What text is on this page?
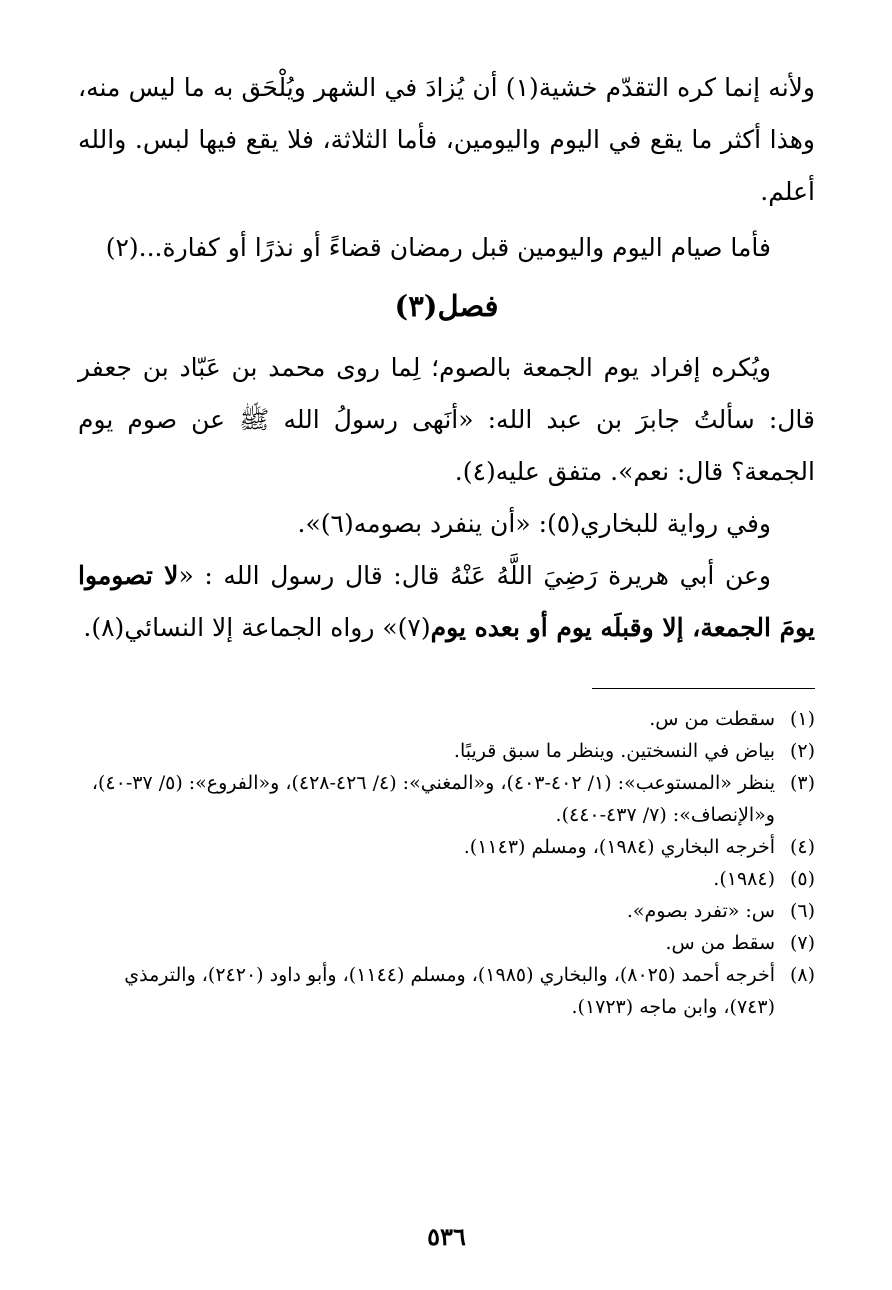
ولأنه إنما كره التقدّم خشية(١) أن يُزادَ في الشهر ويُلْحَق به ما ليس منه، وهذا أكثر ما يقع في اليوم واليومين، فأما الثلاثة، فلا يقع فيها لبس. والله أعلم.

فأما صيام اليوم واليومين قبل رمضان قضاءً أو نذرًا أو كفارة...(٢)

فصل(٣)

ويُكره إفراد يوم الجمعة بالصوم؛ لِما روى محمد بن عَبّاد بن جعفر قال: سألتُ جابرَ بن عبد الله: «أنَهى رسولُ الله ﷺ عن صوم يوم الجمعة؟ قال: نعم». متفق عليه(٤).

وفي رواية للبخاري(٥): «أن ينفرد بصومه(٦)».

وعن أبي هريرة رَضِيَ اللَّهُ عَنْهُ قال: قال رسول الله : «لا تصوموا يومَ الجمعة، إلا وقبلَه يوم أو بعده يوم(٧)» رواه الجماعة إلا النسائي(٨).

(١)
سقطت من س.
(٢)
بياض في النسختين. وينظر ما سبق قريبًا.
(٣)
ينظر «المستوعب»: (١/ ٤٠٢-٤٠٣)، و«المغني»: (٤/ ٤٢٦-٤٢٨)، و«الفروع»: (٥/ ٣٧-٤٠)، و«الإنصاف»: (٧/ ٤٣٧-٤٤٠).
(٤)
أخرجه البخاري (١٩٨٤)، ومسلم (١١٤٣).
(٥)
(١٩٨٤).
(٦)
س: «تفرد بصوم».
(٧)
سقط من س.
(٨)
أخرجه أحمد (٨٠٢٥)، والبخاري (١٩٨٥)، ومسلم (١١٤٤)، وأبو داود (٢٤٢٠)، والترمذي (٧٤٣)، وابن ماجه (١٧٢٣).
٥٣٦
